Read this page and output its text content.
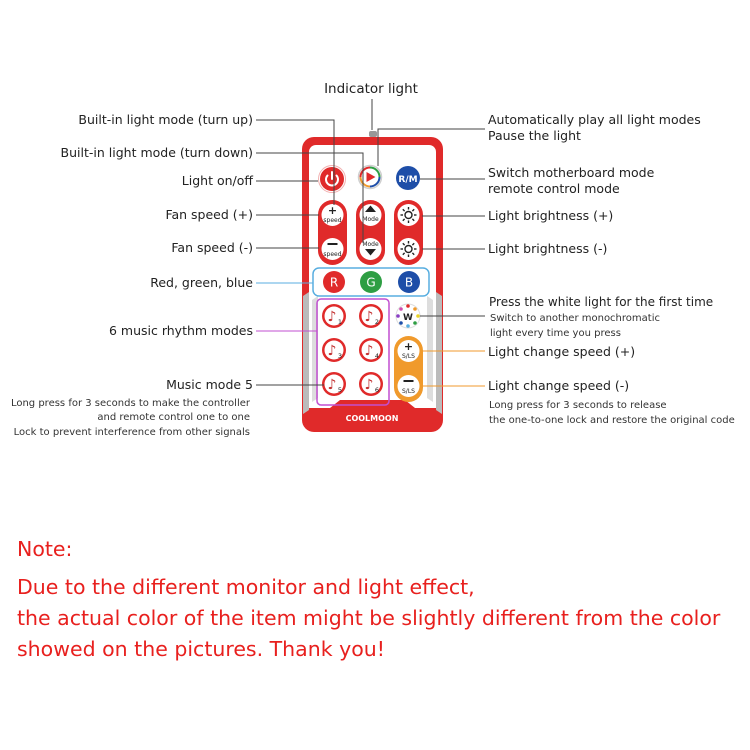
COOLMOON
R/M
+
speed
speed
Mode
Mode
R G B
♪ 1 ♪ 2
♪ 3 ♪ 4
♪ 5 ♪ 6
W
+
S/LS
S/LS
Indicator light
Built-in light mode (turn up)
Built-in light mode (turn down)
Light on/off
Fan speed (+)
Fan speed (-)
Red, green, blue
6 music rhythm modes
Music mode 5
Long press for 3 seconds to make the controller
and remote control one to one
Lock to prevent interference from other signals
Automatically play all light modes
Pause the light
Switch motherboard mode
remote control mode
Light brightness (+)
Light brightness (-)
Press the white light for the first time
Switch to another monochromatic
light every time you press
Light change speed (+)
Light change speed (-)
Long press for 3 seconds to release
the one-to-one lock and restore the original code
Note:
Due to the different monitor and light effect,
the actual color of the item might be slightly different from the color
showed on the pictures. Thank you!
